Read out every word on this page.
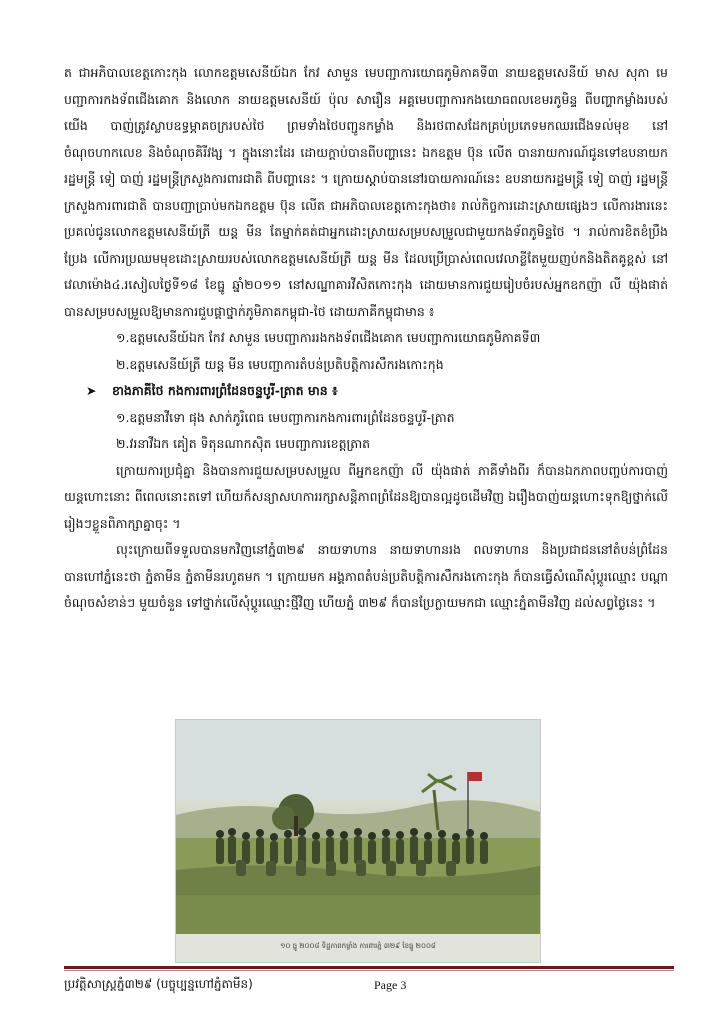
ត ជាអភិបាលខេត្តកោះកុង លោកឧត្តមសេនីយ៍ឯក កែវ សាមួន មេបញ្ជាការយោធភូមិភាគទី៣ នាយឧត្តមសេនីយ៍ មាស សុភា មេបញ្ជាការកងទ័ពជើងគោក និងលោក នាយឧត្តមសេនីយ៍ ប៉ុល សារឿន អគ្គមេបញ្ជាការកងយោធពលខេមរភូមិន្ទ ពីបញ្ហាកម្លាំងរបស់យើង បាញ់ត្រូវស្លាបឧទ្ធម្ភាគចក្ររបស់ថៃ ព្រមទាំងថៃបញ្ជូនកម្លាំង និងរថពាសដែកគ្រប់ប្រភេទមកឈរជើងទល់មុខ នៅចំណុចហាកលេខ និងចំណុចគិរីវង្ស ។ ក្នុងនោះដែរ ដោយក្តាប់បានពីបញ្ហានេះ ឯកឧត្តម ប៊ុន លើត បានរាយការណ៍ជូនទៅឧបនាយករដ្ឋមន្ត្រី ទៀ បាញ់ រដ្ឋមន្ត្រីក្រសួងការពារជាតិ ពីបញ្ហានេះ ។ ក្រោយស្តាប់បាននៅរបាយការណ៍នេះ ឧបនាយករដ្ឋមន្ត្រី ទៀ បាញ់ រដ្ឋមន្ត្រីក្រសួងការពារជាតិ បានបញ្ជាប្រាប់មកឯកឧត្តម ប៊ុន លើត ជាអភិបាលខេត្តកោះកុងថា៖ រាល់កិច្ចការដោះស្រាយផ្សេងៗ លើការងារនេះ ប្រគល់ជូនលោកឧត្តមសេនីយ៍ត្រី យន្ត មីន តែម្នាក់គត់ជាអ្នកដោះស្រាយសម្របសម្រួលជាមួយកងទ័ពភូមិន្ទថៃ ។ រាល់ការខិតខំប្រឹងប្រែង លើការប្រឈមមុខដោះស្រាយរបស់លោកឧត្តមសេនីយ៍ត្រី យន្ត មីន ដែលប្រើប្រាស់ពេលវេលាខ្លីតែមួយញប់កនិងតិតគូខ្ពស់ នៅវេលាម៉ោង៤.រសៀលថ្ងៃទី១៨ ខែធ្នូ ឆ្នាំ២០១១ នៅសណ្ឋាគារវីសិតកោះកុង ដោយមានការជួយរៀបចំរបស់អ្នកឧកញ៉ា លី យ៉ុងផាត់ បានសម្របសម្រួលឱ្យមានការជួបផ្តាថ្នាក់ភូមិភាគកម្ពុជា-ថៃ ដោយភាគីកម្ពុជាមាន ៖

១.ឧត្តមសេនីយ៍ឯក កែវ សាមួន មេបញ្ជាការរងកងទ័ពជើងគោក មេបញ្ជាការយោធភូមិភាគទី៣
២.ឧត្តមសេនីយ៍ត្រី យន្ត មីន មេបញ្ជាការតំបន់ប្រតិបត្តិការសឹករងកោះកុង
➤	ខាងភាគីថៃ កងការពារព្រំដែនចន្ទបូរី-ត្រាត មាន ៖
១.ឧត្តមនាវីទោ ផុង សាក់ភូរិពេធ មេបញ្ជាការកងការពារព្រំដែនចន្ទបូរី-ត្រាត
២.វរនាវីឯក គៀត ទិតុនណាកស៊ិត មេបញ្ជាការខេត្តត្រាត

ក្រោយការប្រជុំគ្នា និងបានការជួយសម្របសម្រួល ពីអ្នកឧកញ៉ា លី យ៉ុងផាត់ ភាគីទាំងពីរ ក៏បានឯកភាពបញ្ចប់ការបាញ់យន្តហោះនោះ ពីពេលនោះតទៅ ហើយក៏សន្យាសហការរក្សាសន្តិភាពព្រំដែនឱ្យបានល្អដូចដើមវិញ ឯរឿងបាញ់យន្តហោះទុកឱ្យថ្នាក់លើរៀងៗខ្លួនពិភាក្សាគ្នាចុះ ។

លុះក្រោយពីទទួលបានមកវិញនៅភ្នំ៣២៩ នាយទាហាន នាយទាហានរង ពលទាហាន និងប្រជាជននៅតំបន់ព្រំដែនបានហៅភ្នំនេះថា ភ្នំតាមីន ភ្នំតាមីនរហូតមក ។ ក្រោយមក អង្គភាពតំបន់ប្រតិបត្តិការសឹករងកោះកុង ក៏បានធ្វើសំណើសុំប្តូរឈ្មោះ បណ្តាចំណុចសំខាន់ៗ មួយចំនួន ទៅថ្នាក់លើសុំប្តូរឈ្មោះថ្មីវិញ ហើយភ្នំ ៣២៩ ក៏បានប្រែក្លាយមកជា ឈ្មោះភ្នំតាមីនវិញ ដល់សព្វថ្ងៃនេះ ។

១០ ធ្នូ ២០០៨ ទិដ្ឋភាពកម្លាំង ការពារភ្នំ ៣២៩ ខែធ្នូ ២០០៨
ប្រវត្តិសាស្ត្រភ្នំ៣២៩ (បច្ចុប្បន្នហៅភ្នំតាមីន)	Page 3
